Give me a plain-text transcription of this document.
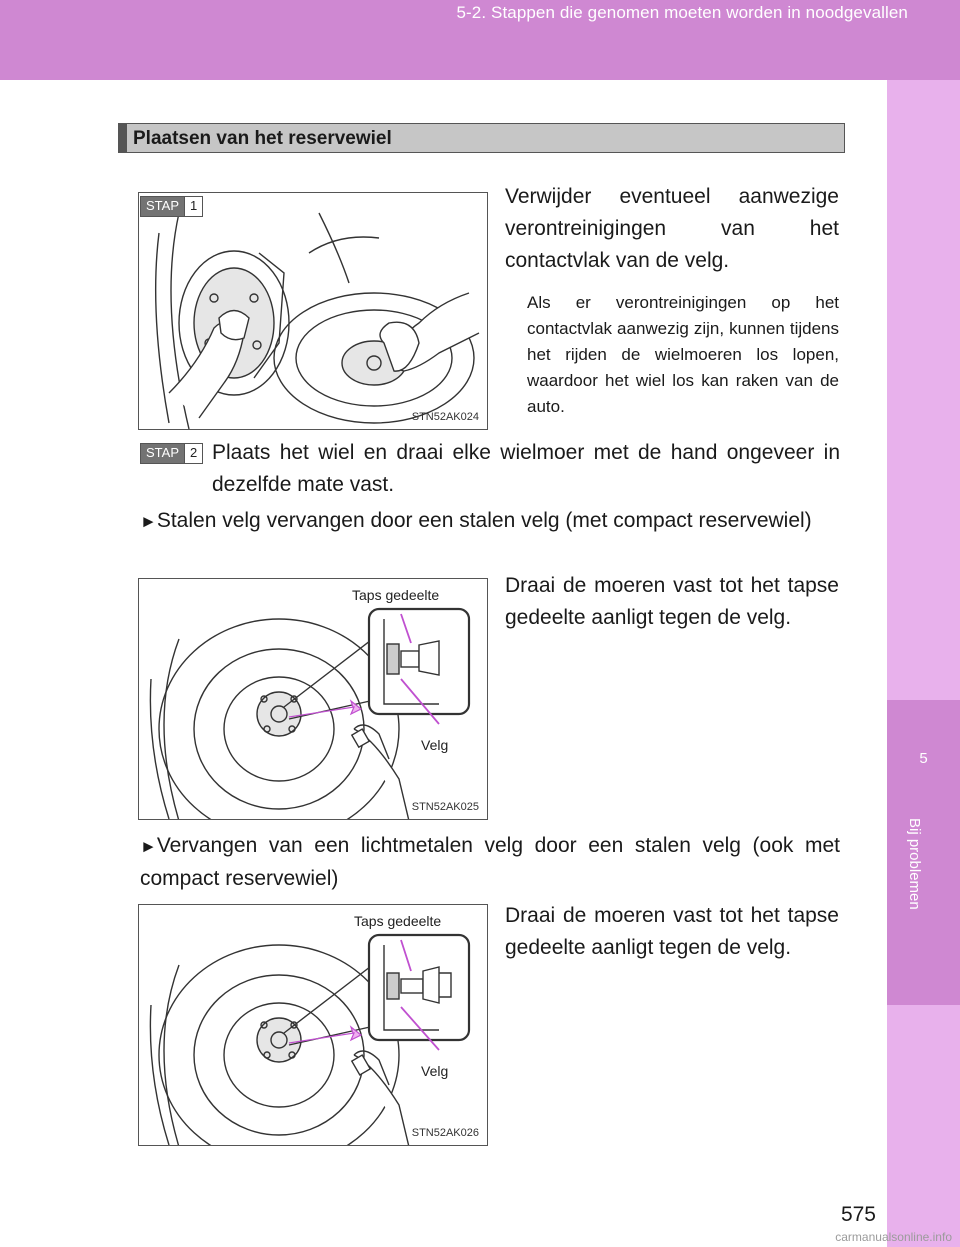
5-2. Stappen die genomen moeten worden in noodgevallen
5
Bij problemen
Plaatsen van het reservewiel
STN52AK024
STAP 1	Verwijder eventueel aanwezige verontreinigingen van het contactvlak van de velg.
Als er verontreinigingen op het contactvlak aanwezig zijn, kunnen tijdens het rijden de wielmoeren los lopen, waardoor het wiel los kan raken van de auto.
STAP 2 Plaats het wiel en draai elke wielmoer met de hand ongeveer in dezelfde mate vast.
►Stalen velg vervangen door een stalen velg (met compact reservewiel)
STN52AK025
Taps gedeelte
Velg
Draai de moeren vast tot het tapse gedeelte aanligt tegen de velg.
►Vervangen van een lichtmetalen velg door een stalen velg (ook met compact reservewiel)
STN52AK026
Taps gedeelte
Velg
Draai de moeren vast tot het tapse gedeelte aanligt tegen de velg.
575
carmanualsonline.info
